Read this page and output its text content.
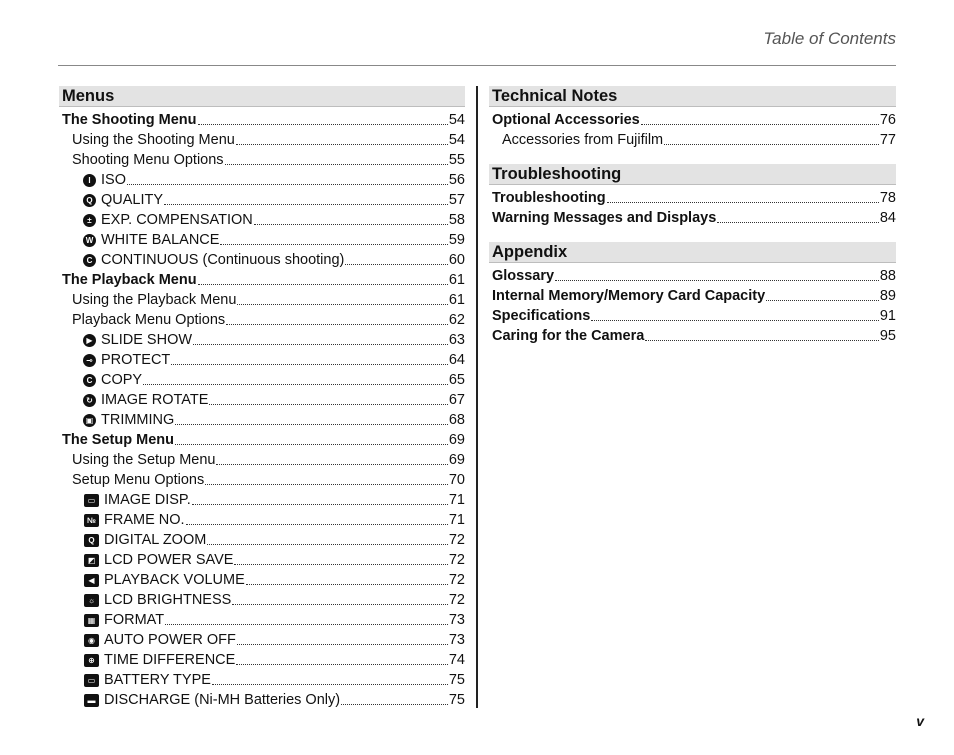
Table of Contents
Menus
The Shooting Menu	54
Using the Shooting Menu	54
Shooting Menu Options	55
I ISO	56
Q QUALITY	57
± EXP. COMPENSATION	58
W WHITE BALANCE	59
C CONTINUOUS (Continuous shooting)	60
The Playback Menu	61
Using the Playback Menu	61
Playback Menu Options	62
▶ SLIDE SHOW	63
⊸ PROTECT	64
C COPY	65
↻ IMAGE ROTATE	67
▣ TRIMMING	68
The Setup Menu	69
Using the Setup Menu	69
Setup Menu Options	70
▭ IMAGE DISP.	71
№ FRAME NO.	71
Q DIGITAL ZOOM	72
◩ LCD POWER SAVE	72
◀ PLAYBACK VOLUME	72
☼ LCD BRIGHTNESS	72
▦ FORMAT	73
◉ AUTO POWER OFF	73
⊕ TIME DIFFERENCE	74
▭ BATTERY TYPE	75
▬ DISCHARGE (Ni-MH Batteries Only)	75
Technical Notes
Optional Accessories	76
Accessories from Fujifilm	77
Troubleshooting
Troubleshooting	78
Warning Messages and Displays	84
Appendix
Glossary	88
Internal Memory/Memory Card Capacity	89
Specifications	91
Caring for the Camera	95
v
